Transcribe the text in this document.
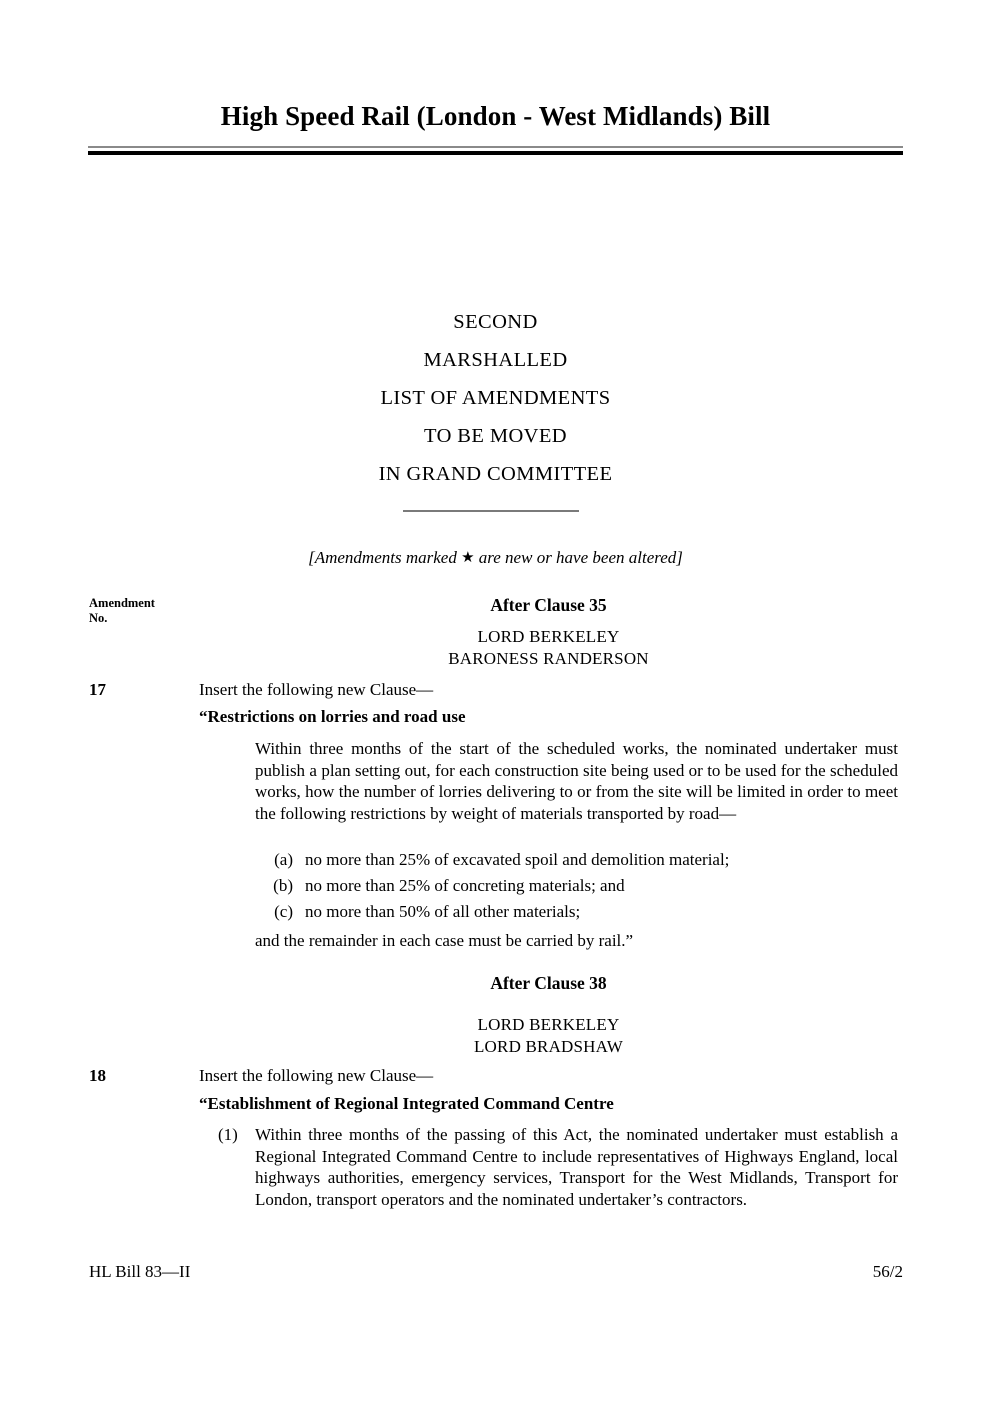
High Speed Rail (London - West Midlands) Bill
SECOND
MARSHALLED
LIST OF AMENDMENTS
TO BE MOVED
IN GRAND COMMITTEE
[Amendments marked ★ are new or have been altered]
Amendment
No.
After Clause 35
LORD BERKELEY
BARONESS RANDERSON
17	Insert the following new Clause—
“Restrictions on lorries and road use
Within three months of the start of the scheduled works, the nominated undertaker must publish a plan setting out, for each construction site being used or to be used for the scheduled works, how the number of lorries delivering to or from the site will be limited in order to meet the following restrictions by weight of materials transported by road—
(a) no more than 25% of excavated spoil and demolition material;
(b) no more than 25% of concreting materials; and
(c) no more than 50% of all other materials;
and the remainder in each case must be carried by rail.”
After Clause 38
LORD BERKELEY
LORD BRADSHAW
18	Insert the following new Clause—
“Establishment of Regional Integrated Command Centre
(1)	Within three months of the passing of this Act, the nominated undertaker must establish a Regional Integrated Command Centre to include representatives of Highways England, local highways authorities, emergency services, Transport for the West Midlands, Transport for London, transport operators and the nominated undertaker’s contractors.
HL Bill 83—II	56/2
